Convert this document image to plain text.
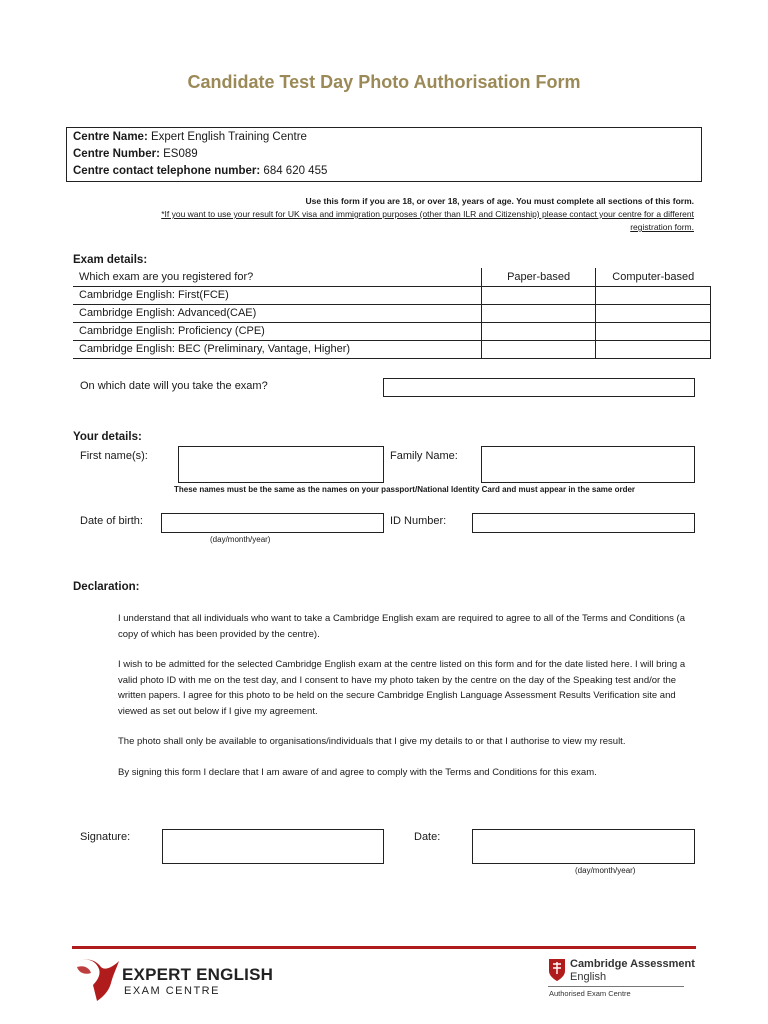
Candidate Test Day Photo Authorisation Form
Centre Name: Expert English Training Centre
Centre Number: ES089
Centre contact telephone number: 684 620 455
Use this form if you are 18, or over 18, years of age. You must complete all sections of this form.
*If you want to use your result for UK visa and immigration purposes (other than ILR and Citizenship) please contact your centre for a different
registration form.
Exam details:
Which exam are you registered for?	Paper-based	Computer-based
Cambridge English: First(FCE)		
Cambridge English: Advanced(CAE)		
Cambridge English: Proficiency (CPE)		
Cambridge English: BEC (Preliminary, Vantage, Higher)		
On which date will you take the exam?
Your details:
First name(s):	Family Name:
These names must be the same as the names on your passport/National Identity Card and must appear in the same order
Date of birth:
(day/month/year)
ID Number:
Declaration:
I understand that all individuals who want to take a Cambridge English exam are required to agree to all of the Terms and Conditions (a copy of which has been provided by the centre).
I wish to be admitted for the selected Cambridge English exam at the centre listed on this form and for the date listed here. I will bring a valid photo ID with me on the test day, and I consent to have my photo taken by the centre on the day of the Speaking test and/or the written papers. I agree for this photo to be held on the secure Cambridge English Language Assessment Results Verification site and viewed as set out below if I give my agreement.
The photo shall only be available to organisations/individuals that I give my details to or that I authorise to view my result.
By signing this form I declare that I am aware of and agree to comply with the Terms and Conditions for this exam.
Signature:	Date:
(day/month/year)
EXPERT ENGLISH
EXAM CENTRE
Cambridge Assessment
English
Authorised Exam Centre
